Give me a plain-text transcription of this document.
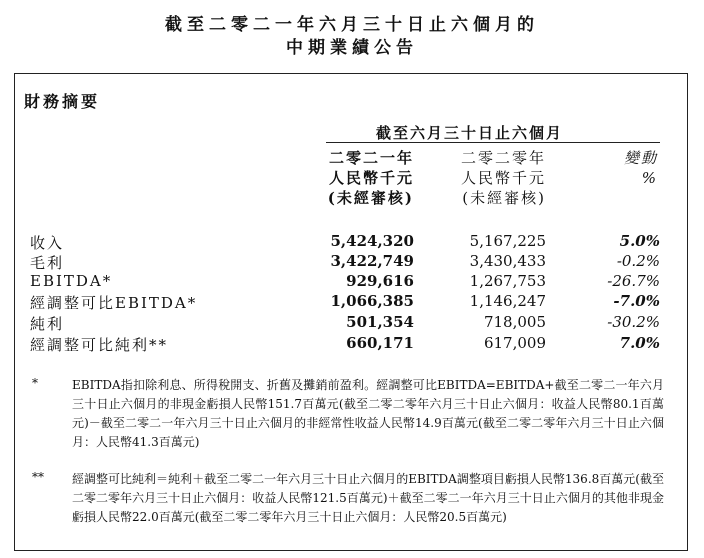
截至二零二一年六月三十日止六個月的
中期業績公告
財務摘要
截至六月三十日止六個月
二零二一年
人民幣千元
(未經審核)
二零二零年
人民幣千元
(未經審核)
變動
%
收入	5,424,320	5,167,225	5.0%
毛利	3,422,749	3,430,433	-0.2%
EBITDA*	929,616	1,267,753	-26.7%
經調整可比EBITDA*	1,066,385	1,146,247	-7.0%
純利	501,354	718,005	-30.2%
經調整可比純利**	660,171	617,009	7.0%
*	EBITDA指扣除利息、所得稅開支、折舊及攤銷前盈利。經調整可比EBITDA=EBITDA+截至二零二一年六月三十日止六個月的非現金虧損人民幣151.7百萬元(截至二零二零年六月三十日止六個月：收益人民幣80.1百萬元)－截至二零二一年六月三十日止六個月的非經常性收益人民幣14.9百萬元(截至二零二零年六月三十日止六個月：人民幣41.3百萬元)
** 經調整可比純利＝純利＋截至二零二一年六月三十日止六個月的EBITDA調整項目虧損人民幣136.8百萬元(截至二零二零年六月三十日止六個月：收益人民幣121.5百萬元)＋截至二零二一年六月三十日止六個月的其他非現金虧損人民幣22.0百萬元(截至二零二零年六月三十日止六個月：人民幣20.5百萬元)
